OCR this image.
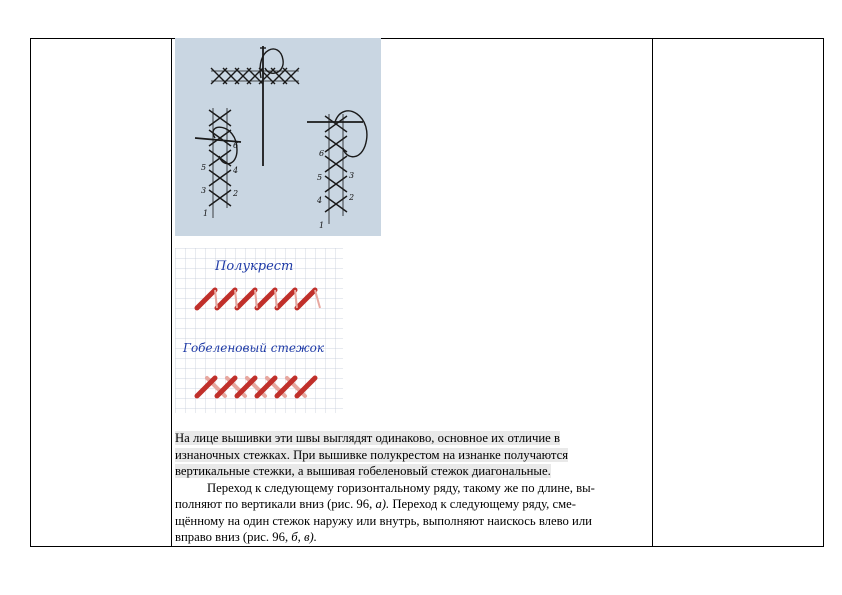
6
5	4
3	2
1
6
5	3
4	2
1
Полукрест
Гобеленовый стежок

На лице вышивки эти швы выглядят одинаково, основное их отличие в

изнаночных стежках. При вышивке полукрестом на изнанке получаются

вертикальные стежки, а вышивая гобеленовый стежок диагональные.

Переход к следующему горизонтальному ряду, такому же по длине, вы-

полняют по вертикали вниз (рис. 96, а). Переход к следующему ряду, сме-

щённому на один стежок наружу или внутрь, выполняют наискось влево или

вправо вниз (рис. 96, б, в).
